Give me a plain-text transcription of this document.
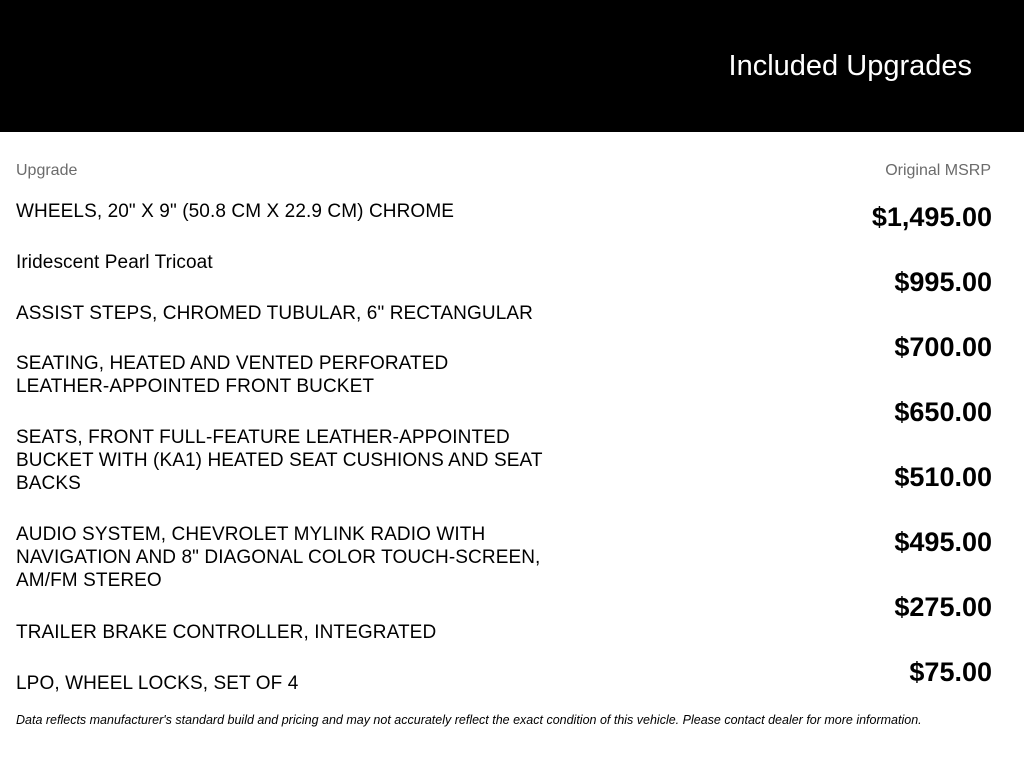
Included Upgrades
Upgrade	Original MSRP
WHEELS, 20" X 9" (50.8 CM X 22.9 CM) CHROME
Iridescent Pearl Tricoat
ASSIST STEPS, CHROMED TUBULAR, 6" RECTANGULAR
SEATING, HEATED AND VENTED PERFORATED LEATHER-APPOINTED FRONT BUCKET
SEATS, FRONT FULL-FEATURE LEATHER-APPOINTED BUCKET WITH (KA1) HEATED SEAT CUSHIONS AND SEAT BACKS
AUDIO SYSTEM, CHEVROLET MYLINK RADIO WITH NAVIGATION AND 8" DIAGONAL COLOR TOUCH-SCREEN, AM/FM STEREO
TRAILER BRAKE CONTROLLER, INTEGRATED
LPO, WHEEL LOCKS, SET OF 4
$1,495.00
$995.00
$700.00
$650.00
$510.00
$495.00
$275.00
$75.00
Data reflects manufacturer's standard build and pricing and may not accurately reflect the exact condition of this vehicle. Please contact dealer for more information.
